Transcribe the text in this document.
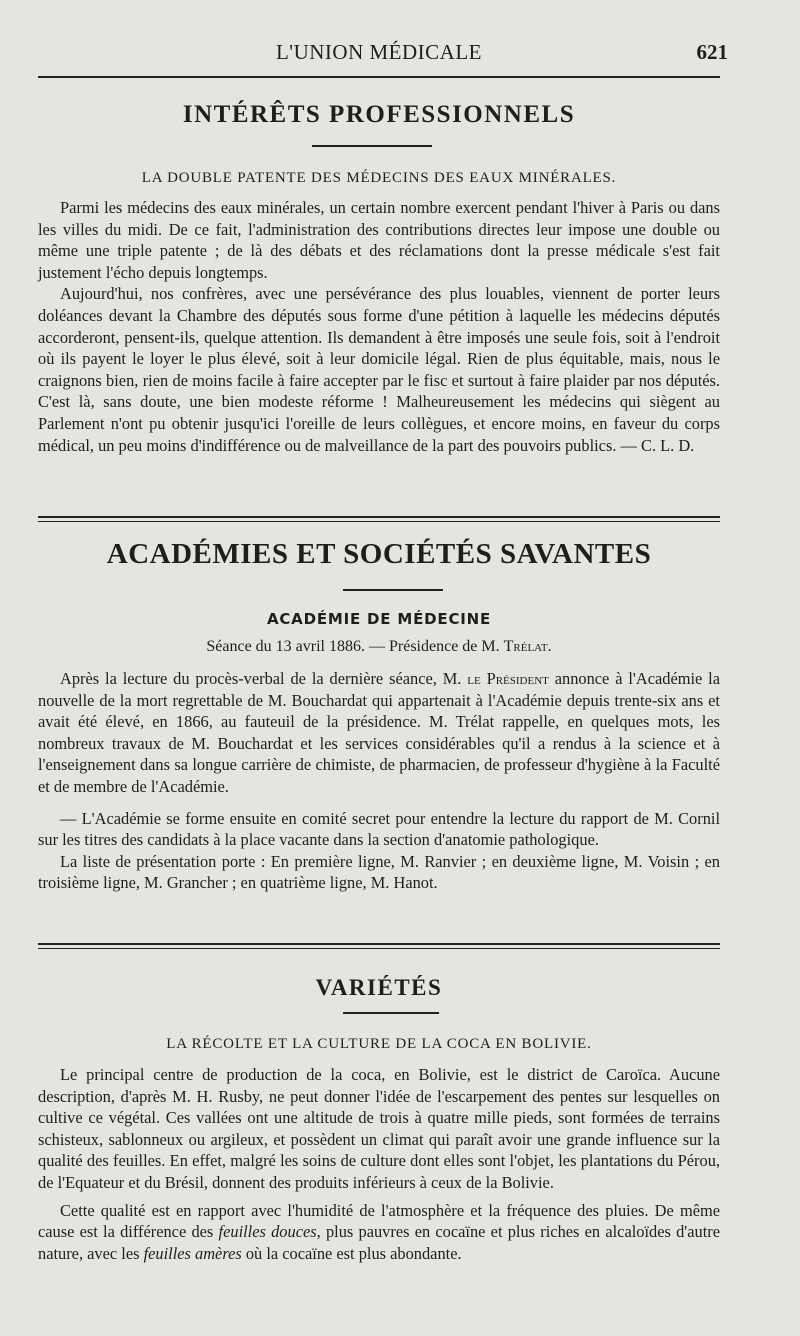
L'UNION MÉDICALE	621
INTÉRÊTS PROFESSIONNELS
LA DOUBLE PATENTE DES MÉDECINS DES EAUX MINÉRALES.

Parmi les médecins des eaux minérales, un certain nombre exercent pendant l'hiver à Paris ou dans les villes du midi. De ce fait, l'administration des contributions directes leur impose une double ou même une triple patente ; de là des débats et des réclamations dont la presse médicale s'est fait justement l'écho depuis longtemps.

Aujourd'hui, nos confrères, avec une persévérance des plus louables, viennent de porter leurs doléances devant la Chambre des députés sous forme d'une pétition à laquelle les médecins députés accorderont, pensent-ils, quelque attention. Ils demandent à être imposés une seule fois, soit à l'endroit où ils payent le loyer le plus élevé, soit à leur domicile légal. Rien de plus équitable, mais, nous le craignons bien, rien de moins facile à faire accepter par le fisc et surtout à faire plaider par nos députés. C'est là, sans doute, une bien modeste réforme ! Malheureusement les médecins qui siègent au Parlement n'ont pu obtenir jusqu'ici l'oreille de leurs collègues, et encore moins, en faveur du corps médical, un peu moins d'indifférence ou de malveillance de la part des pouvoirs publics. — C. L. D.

ACADÉMIES ET SOCIÉTÉS SAVANTES
ACADÉMIE DE MÉDECINE
Séance du 13 avril 1886. — Présidence de M. Trélat.

Après la lecture du procès-verbal de la dernière séance, M. le Président annonce à l'Académie la nouvelle de la mort regrettable de M. Bouchardat qui appartenait à l'Académie depuis trente-six ans et avait été élevé, en 1866, au fauteuil de la présidence. M. Trélat rappelle, en quelques mots, les nombreux travaux de M. Bouchardat et les services considérables qu'il a rendus à la science et à l'enseignement dans sa longue carrière de chimiste, de pharmacien, de professeur d'hygiène à la Faculté et de membre de l'Académie.

— L'Académie se forme ensuite en comité secret pour entendre la lecture du rapport de M. Cornil sur les titres des candidats à la place vacante dans la section d'anatomie pathologique.

La liste de présentation porte : En première ligne, M. Ranvier ; en deuxième ligne, M. Voisin ; en troisième ligne, M. Grancher ; en quatrième ligne, M. Hanot.

VARIÉTÉS
LA RÉCOLTE ET LA CULTURE DE LA COCA EN BOLIVIE.

Le principal centre de production de la coca, en Bolivie, est le district de Caroïca. Aucune description, d'après M. H. Rusby, ne peut donner l'idée de l'escarpement des pentes sur lesquelles on cultive ce végétal. Ces vallées ont une altitude de trois à quatre mille pieds, sont formées de terrains schisteux, sablonneux ou argileux, et possèdent un climat qui paraît avoir une grande influence sur la qualité des feuilles. En effet, malgré les soins de culture dont elles sont l'objet, les plantations du Pérou, de l'Equateur et du Brésil, donnent des produits inférieurs à ceux de la Bolivie.

Cette qualité est en rapport avec l'humidité de l'atmosphère et la fréquence des pluies. De même cause est la différence des feuilles douces, plus pauvres en cocaïne et plus riches en alcaloïdes d'autre nature, avec les feuilles amères où la cocaïne est plus abondante.
